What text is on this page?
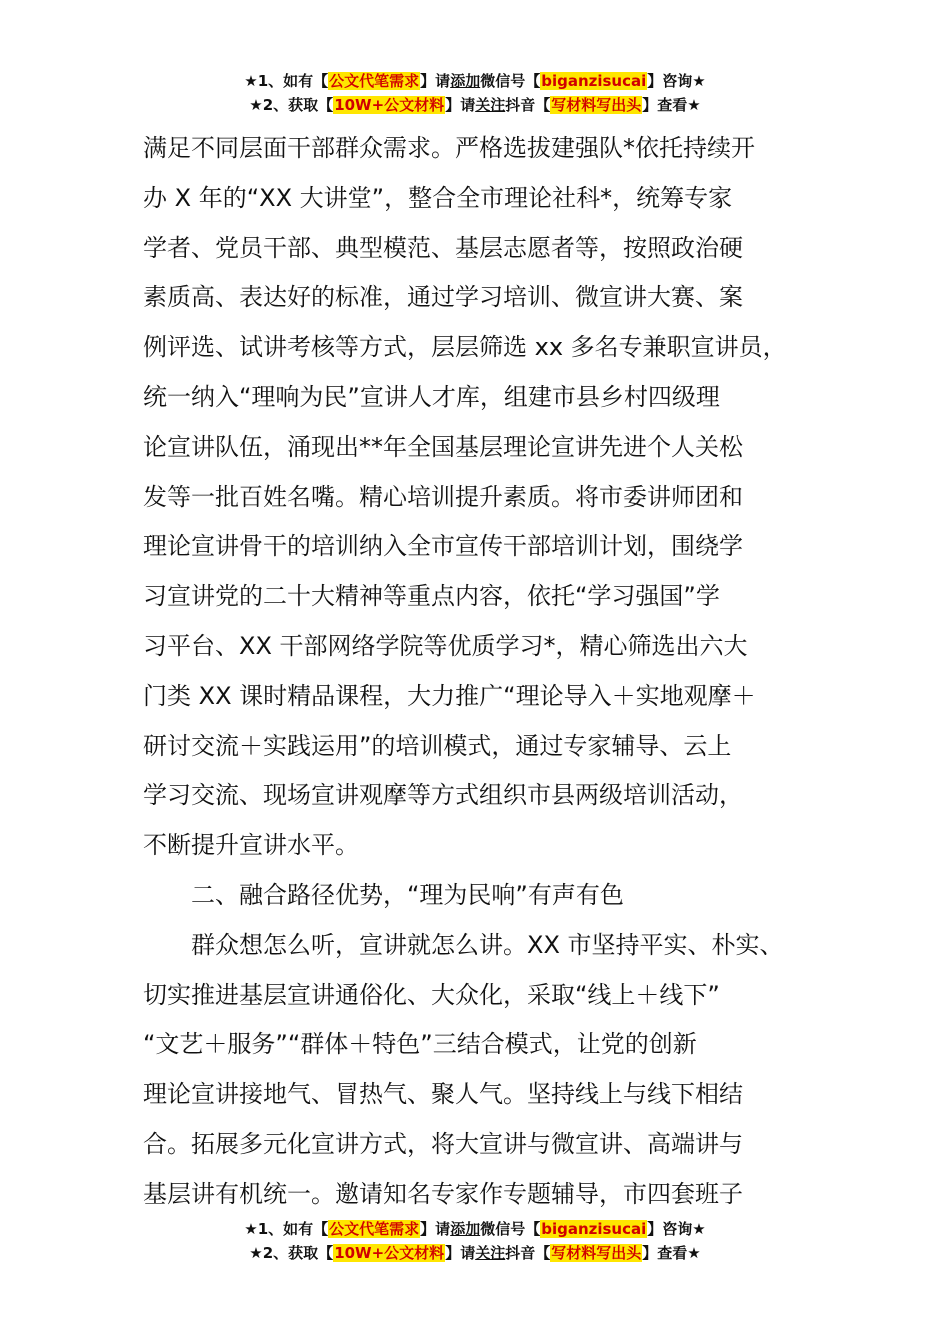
★1、如有【公文代笔需求】请添加微信号【biganzisucai】咨询★
★2、获取【10W+公文材料】请关注抖音【写材料写出头】查看★
满足不同层面干部群众需求。严格选拔建强队*依托持续开
办 X 年的“XX 大讲堂”，整合全市理论社科*，统筹专家
学者、党员干部、典型模范、基层志愿者等，按照政治硬
素质高、表达好的标准，通过学习培训、微宣讲大赛、案
例评选、试讲考核等方式，层层筛选 xx 多名专兼职宣讲员，
统一纳入“理响为民”宣讲人才库，组建市县乡村四级理
论宣讲队伍，涌现出**年全国基层理论宣讲先进个人关松
发等一批百姓名嘴。精心培训提升素质。将市委讲师团和
理论宣讲骨干的培训纳入全市宣传干部培训计划，围绕学
习宣讲党的二十大精神等重点内容，依托“学习强国”学
习平台、XX 干部网络学院等优质学习*，精心筛选出六大
门类 XX 课时精品课程，大力推广“理论导入＋实地观摩＋
研讨交流＋实践运用”的培训模式，通过专家辅导、云上
学习交流、现场宣讲观摩等方式组织市县两级培训活动，
不断提升宣讲水平。
二、融合路径优势，“理为民响”有声有色
群众想怎么听，宣讲就怎么讲。XX 市坚持平实、朴实、
切实推进基层宣讲通俗化、大众化，采取“线上＋线下”
“文艺＋服务”“群体＋特色”三结合模式，让党的创新
理论宣讲接地气、冒热气、聚人气。坚持线上与线下相结
合。拓展多元化宣讲方式，将大宣讲与微宣讲、高端讲与
基层讲有机统一。邀请知名专家作专题辅导，市四套班子
★1、如有【公文代笔需求】请添加微信号【biganzisucai】咨询★
★2、获取【10W+公文材料】请关注抖音【写材料写出头】查看★
